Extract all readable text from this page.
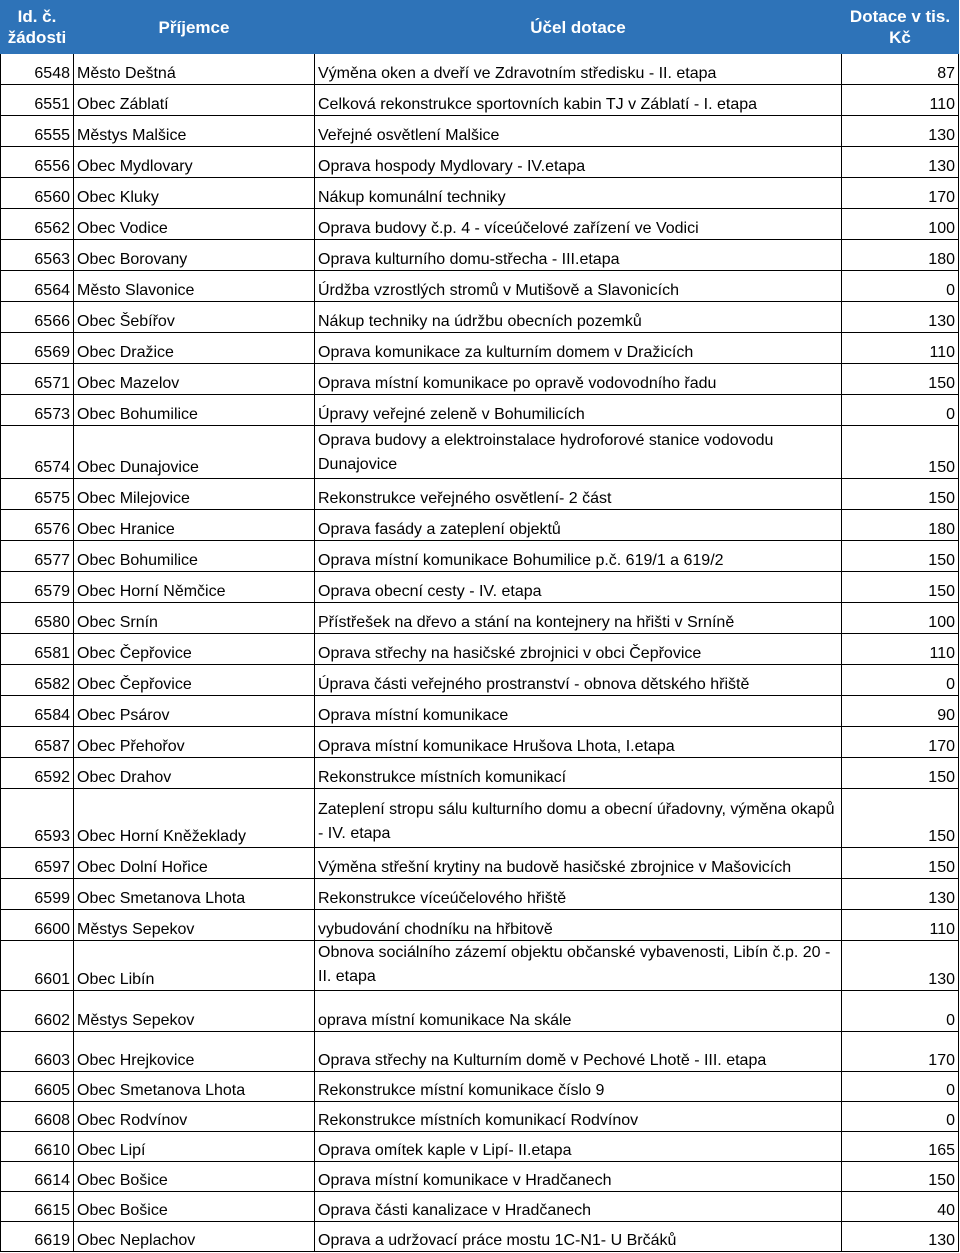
Id. č. žádosti	Příjemce	Účel dotace	Dotace v tis. Kč
6548	Město Deštná	Výměna oken a dveří ve Zdravotním středisku - II. etapa	87
6551	Obec Záblatí	Celková rekonstrukce sportovních kabin TJ v Záblatí - I. etapa	110
6555	Městys Malšice	Veřejné osvětlení Malšice	130
6556	Obec Mydlovary	Oprava hospody Mydlovary - IV.etapa	130
6560	Obec Kluky	Nákup komunální techniky	170
6562	Obec Vodice	Oprava budovy č.p. 4 - víceúčelové zařízení ve Vodici	100
6563	Obec Borovany	Oprava kulturního domu-střecha - III.etapa	180
6564	Město Slavonice	Úrdžba vzrostlých stromů v Mutišově a Slavonicích	0
6566	Obec Šebířov	Nákup techniky na údržbu obecních pozemků	130
6569	Obec Dražice	Oprava komunikace za kulturním domem v Dražicích	110
6571	Obec Mazelov	Oprava místní komunikace po opravě vodovodního řadu	150
6573	Obec Bohumilice	Úpravy veřejné zeleně v Bohumilicích	0
6574	Obec Dunajovice	Oprava budovy a elektroinstalace hydroforové stanice vodovodu Dunajovice	150
6575	Obec Milejovice	Rekonstrukce veřejného osvětlení- 2 část	150
6576	Obec Hranice	Oprava fasády a zateplení objektů	180
6577	Obec Bohumilice	Oprava místní komunikace Bohumilice p.č. 619/1 a 619/2	150
6579	Obec Horní Němčice	Oprava obecní cesty - IV. etapa	150
6580	Obec Srnín	Přístřešek na dřevo a stání na kontejnery na hřišti v Srníně	100
6581	Obec Čepřovice	Oprava střechy na hasičské zbrojnici v obci Čepřovice	110
6582	Obec Čepřovice	Úprava části veřejného prostranství - obnova dětského hřiště	0
6584	Obec Psárov	Oprava místní komunikace	90
6587	Obec Přehořov	Oprava místní komunikace Hrušova Lhota, I.etapa	170
6592	Obec Drahov	Rekonstrukce místních komunikací	150
6593	Obec Horní Kněžeklady	Zateplení stropu sálu kulturního domu a obecní úřadovny, výměna okapů - IV. etapa	150
6597	Obec Dolní Hořice	Výměna střešní krytiny na budově hasičské zbrojnice v Mašovicích	150
6599	Obec Smetanova Lhota	Rekonstrukce víceúčelového hřiště	130
6600	Městys Sepekov	vybudování chodníku na hřbitově	110
6601	Obec Libín	Obnova sociálního zázemí objektu občanské vybavenosti, Libín č.p. 20 - II. etapa	130
6602	Městys Sepekov	oprava místní komunikace Na skále	0
6603	Obec Hrejkovice	Oprava střechy na Kulturním domě v Pechové Lhotě - III. etapa	170
6605	Obec Smetanova Lhota	Rekonstrukce místní komunikace číslo 9	0
6608	Obec Rodvínov	Rekonstrukce místních komunikací Rodvínov	0
6610	Obec Lipí	Oprava omítek kaple v Lipí- II.etapa	165
6614	Obec Bošice	Oprava místní komunikace v Hradčanech	150
6615	Obec Bošice	Oprava části kanalizace v Hradčanech	40
6619	Obec Neplachov	Oprava a udržovací práce mostu 1C-N1- U Brčáků	130
